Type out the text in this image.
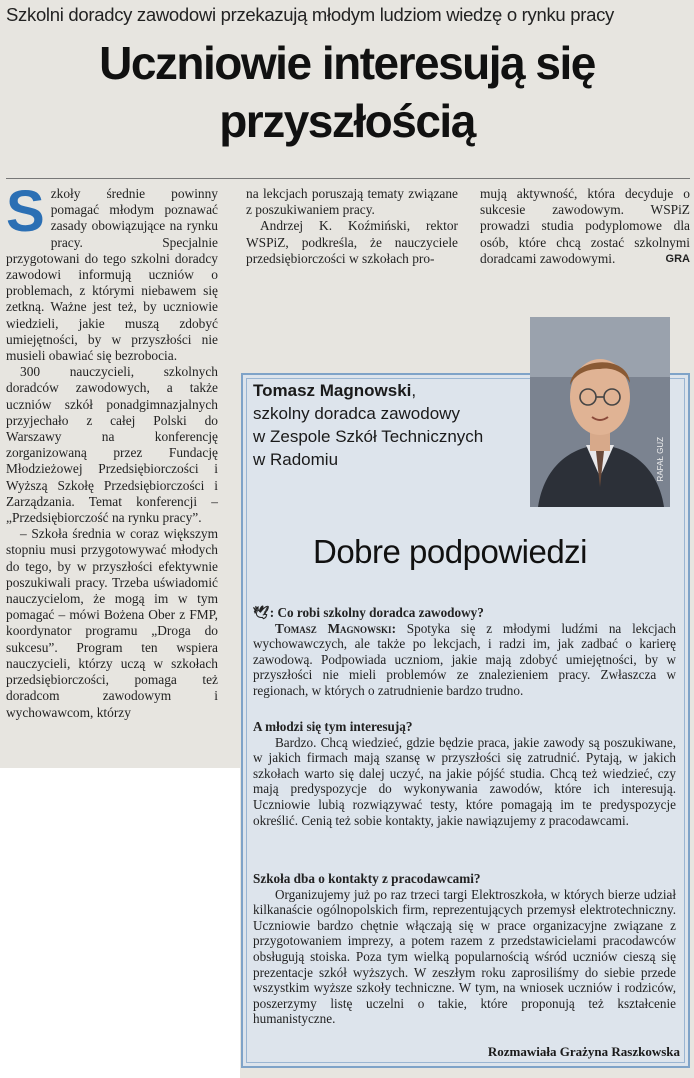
Szkolni doradcy zawodowi przekazują młodym ludziom wiedzę o rynku pracy
Uczniowie interesują się
przyszłością

Szkoły średnie powinny pomagać młodym poznawać zasady obowiązujące na rynku pracy. Specjalnie przygotowani do tego szkolni doradcy zawodowi informują uczniów o problemach, z którymi niebawem się zetkną. Ważne jest też, by uczniowie wiedzieli, jakie muszą zdobyć umiejętności, by w przyszłości nie musieli obawiać się bezrobocia.

300 nauczycieli, szkolnych doradców zawodowych, a także uczniów szkół ponadgimnazjalnych przyjechało z całej Polski do Warszawy na konferencję zorganizowaną przez Fundację Młodzieżowej Przedsiębiorczości i Wyższą Szkołę Przedsiębiorczości i Zarządzania. Temat konferencji – „Przedsiębiorczość na rynku pracy”.

– Szkoła średnia w coraz większym stopniu musi przygotowywać młodych do tego, by w przyszłości efektywnie poszukiwali pracy. Trzeba uświadomić nauczycielom, że mogą im w tym pomagać – mówi Bożena Ober z FMP, koordynator programu „Droga do sukcesu”. Program ten wspiera nauczycieli, którzy uczą w szkołach przedsiębiorczości, pomaga też doradcom zawodowym i wychowawcom, którzy

na lekcjach poruszają tematy związane z poszukiwaniem pracy.

Andrzej K. Koźmiński, rektor WSPiZ, podkreśla, że nauczyciele przedsiębiorczości w szkołach pro-

mują aktywność, która decyduje o sukcesie zawodowym. WSPiZ prowadzi studia podyplomowe dla osób, które chcą zostać szkolnymi doradcami zawodowymi.	GRA

RAFAŁ GUZ
Tomasz Magnowski,
szkolny doradca zawodowy
w Zespole Szkół Technicznych
w Radomiu
Dobre podpowiedzi
🕊: Co robi szkolny doradca zawodowy?

Tomasz Magnowski: Spotyka się z młodymi ludźmi na lekcjach wychowawczych, ale także po lekcjach, i radzi im, jak zadbać o karierę zawodową. Podpowiada uczniom, jakie mają zdobyć umiejętności, by w przyszłości nie mieli problemów ze znalezieniem pracy. Zwłaszcza w regionach, w których o zatrudnienie bardzo trudno.

A młodzi się tym interesują?

Bardzo. Chcą wiedzieć, gdzie będzie praca, jakie zawody są poszukiwane, w jakich firmach mają szansę w przyszłości się zatrudnić. Pytają, w jakich szkołach warto się dalej uczyć, na jakie pójść studia. Chcą też wiedzieć, czy mają predyspozycje do wykonywania zawodów, które ich interesują. Uczniowie lubią rozwiązywać testy, które pomagają im te predyspozycje określić. Cenią też sobie kontakty, jakie nawiązujemy z pracodawcami.

Szkoła dba o kontakty z pracodawcami?

Organizujemy już po raz trzeci targi Elektroszkoła, w których bierze udział kilkanaście ogólnopolskich firm, reprezentujących przemysł elektrotechniczny. Uczniowie bardzo chętnie włączają się w prace organizacyjne związane z przygotowaniem imprezy, a potem razem z przedstawicielami pracodawców obsługują stoiska. Poza tym wielką popularnością wśród uczniów cieszą się prezentacje szkół wyższych. W zeszłym roku zaprosiliśmy do siebie przede wszystkim wyższe szkoły techniczne. W tym, na wniosek uczniów i rodziców, poszerzymy listę uczelni o takie, które proponują też kształcenie humanistyczne.

Rozmawiała Grażyna Raszkowska
